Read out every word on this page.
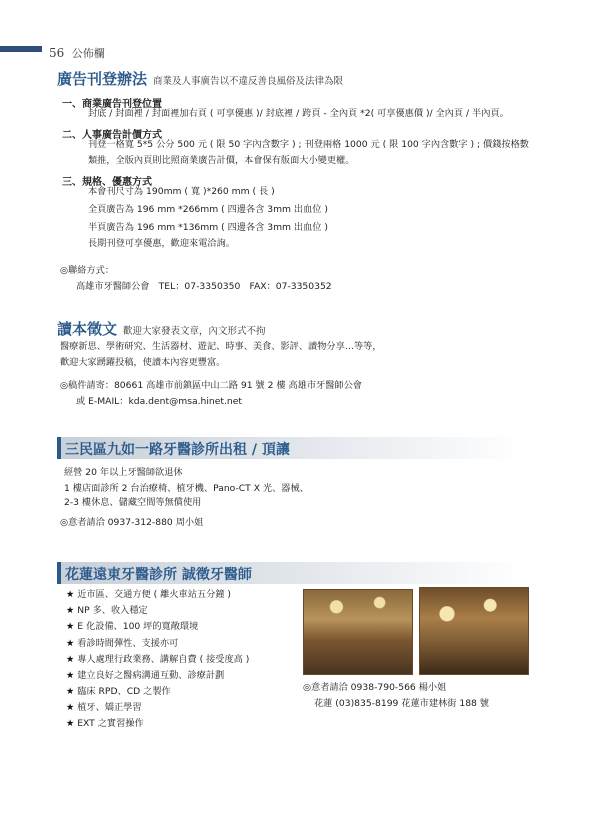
56 公佈欄
廣告刊登辦法 商業及人事廣告以不違反善良風俗及法律為限
一、商業廣告刊登位置
封底 / 封面裡 / 封面裡加右頁 ( 可享優惠 )/ 封底裡 / 跨頁 - 全內頁 *2( 可享優惠價 )/ 全內頁 / 半內頁。
二、人事廣告計價方式
刊登一格寬 5*5 公分 500 元 ( 限 50 字內含數字 ) ; 刊登兩格 1000 元 ( 限 100 字內含數字 ) ; 價錢按格數
類推，全版內頁則比照商業廣告計價，本會保有版面大小變更權。
三、規格、優惠方式
本會刊尺寸為 190mm ( 寬 )*260 mm ( 長 )
全頁廣告為 196 mm *266mm ( 四邊各含 3mm 出血位 )
半頁廣告為 196 mm *136mm ( 四邊各含 3mm 出血位 )
長期刊登可享優惠，歡迎來電洽詢。
◎聯絡方式：
高雄市牙醫師公會　TEL：07-3350350　FAX：07-3350352
讀本徵文 歡迎大家發表文章，內文形式不拘
醫療新思、學術研究、生活器材、遊記、時事、美食、影評、讀物分享…等等，
歡迎大家踴躍投稿，使讀本內容更豐富。
◎稿件請寄：80661 高雄市前鎮區中山二路 91 號 2 樓 高雄市牙醫師公會
或 E-MAIL：kda.dent@msa.hinet.net
三民區九如一路牙醫診所出租 / 頂讓
經營 20 年以上牙醫師欲退休
1 樓店面診所 2 台治療椅、植牙機、Pano-CT X 光、器械、
2-3 樓休息、儲藏空間等無償使用
◎意者請洽 0937-312-880 周小姐
花蓮遠東牙醫診所 誠徵牙醫師
★ 近市區、交通方便 ( 離火車站五分鐘 )
★ NP 多、收入穩定
★ E 化設備、100 坪的寬敞環境
★ 看診時間彈性、支援亦可
★ 專人處理行政業務、講解自費 ( 接受度高 )
★ 建立良好之醫病溝通互動、診療計劃
★ 臨床 RPD、CD 之製作
★ 植牙、矯正學習
★ EXT 之實習操作
◎意者請洽 0938-790-566 楊小姐
花蓮 (03)835-8199 花蓮市建林街 188 號
